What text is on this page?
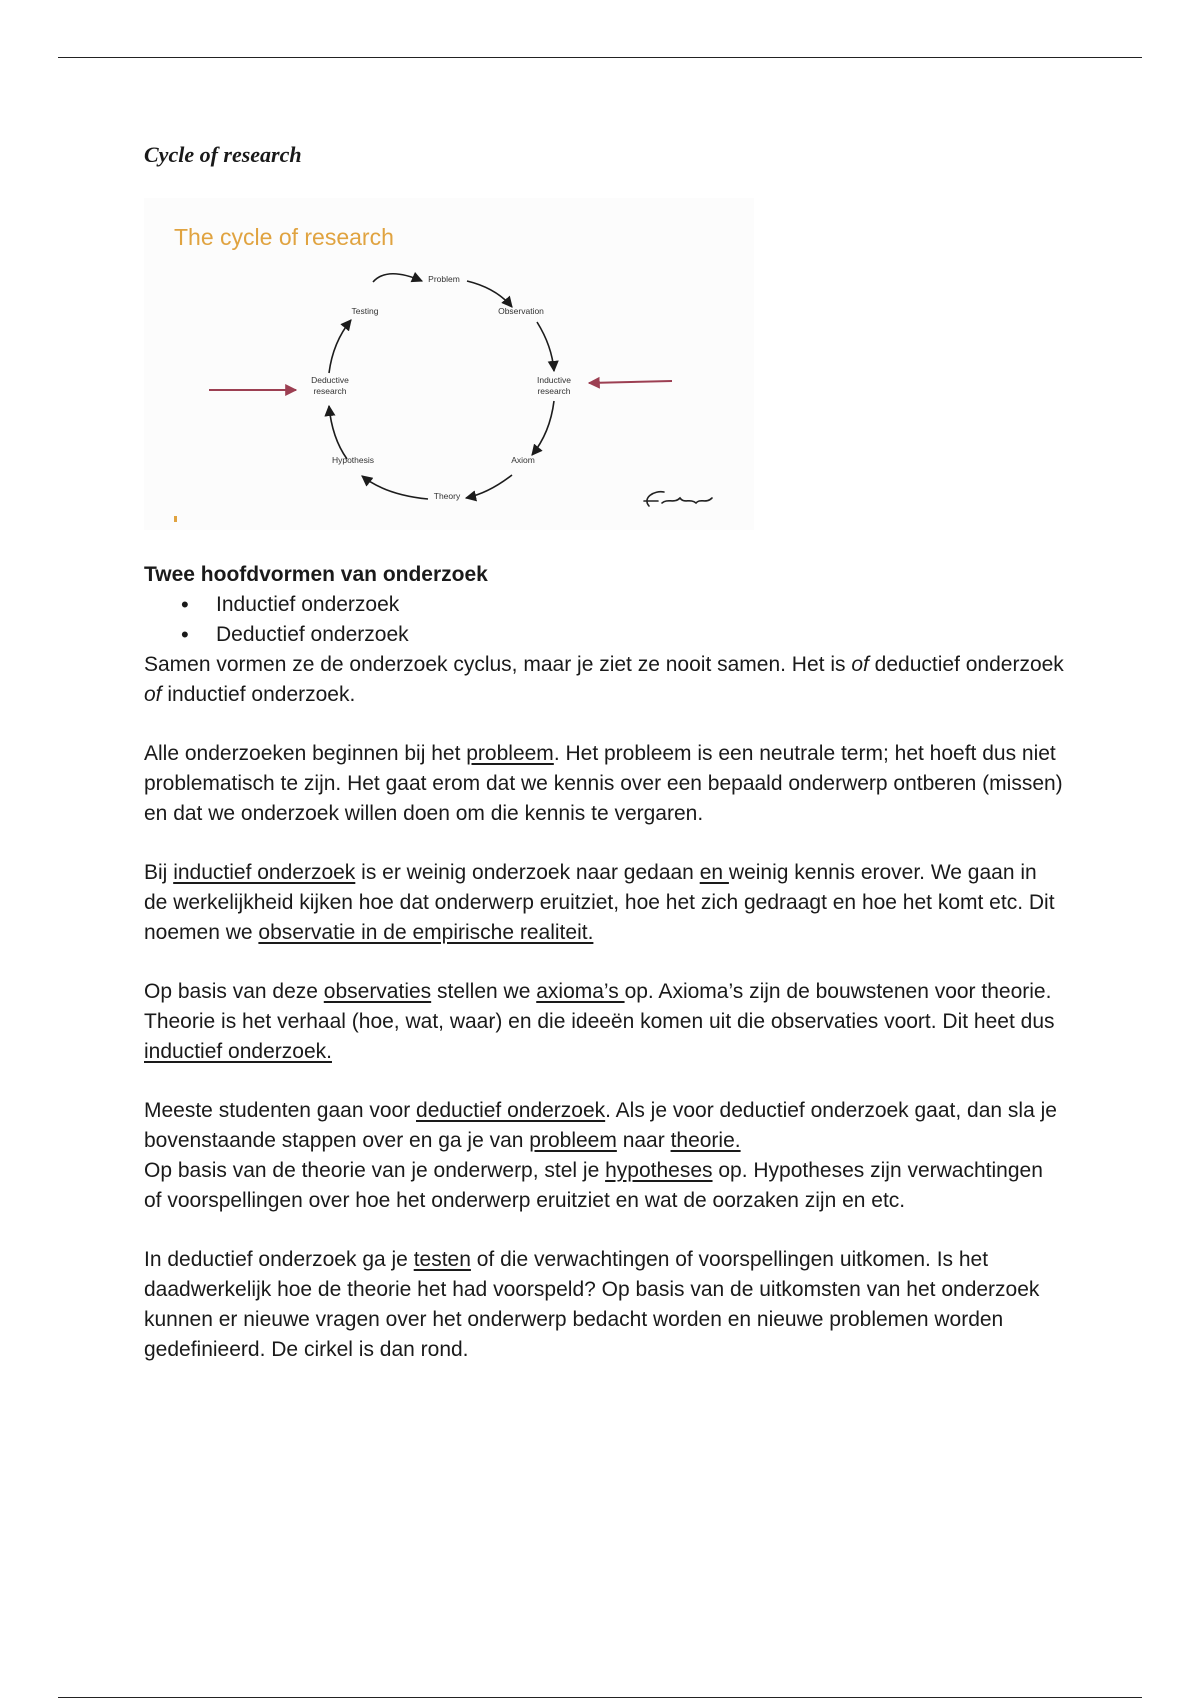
Cycle of research
The cycle of research
Problem
Observation
Inductive
research
Axiom
Theory
Hypothesis
Deductive
research
Testing

Twee hoofdvormen van onderzoek

• Inductief onderzoek
• Deductief onderzoek

Samen vormen ze de onderzoek cyclus, maar je ziet ze nooit samen. Het is of deductief onderzoek of inductief onderzoek.

Alle onderzoeken beginnen bij het probleem. Het probleem is een neutrale term; het hoeft dus niet problematisch te zijn. Het gaat erom dat we kennis over een bepaald onderwerp ontberen (missen) en dat we onderzoek willen doen om die kennis te vergaren.

Bij inductief onderzoek is er weinig onderzoek naar gedaan en weinig kennis erover. We gaan in de werkelijkheid kijken hoe dat onderwerp eruitziet, hoe het zich gedraagt en hoe het komt etc. Dit noemen we observatie in de empirische realiteit.

Op basis van deze observaties stellen we axioma’s op. Axioma’s zijn de bouwstenen voor theorie. Theorie is het verhaal (hoe, wat, waar) en die ideeën komen uit die observaties voort. Dit heet dus inductief onderzoek.

Meeste studenten gaan voor deductief onderzoek. Als je voor deductief onderzoek gaat, dan sla je bovenstaande stappen over en ga je van probleem naar theorie.

Op basis van de theorie van je onderwerp, stel je hypotheses op. Hypotheses zijn verwachtingen of voorspellingen over hoe het onderwerp eruitziet en wat de oorzaken zijn en etc.

In deductief onderzoek ga je testen of die verwachtingen of voorspellingen uitkomen. Is het daadwerkelijk hoe de theorie het had voorspeld? Op basis van de uitkomsten van het onderzoek kunnen er nieuwe vragen over het onderwerp bedacht worden en nieuwe problemen worden gedefinieerd. De cirkel is dan rond.
